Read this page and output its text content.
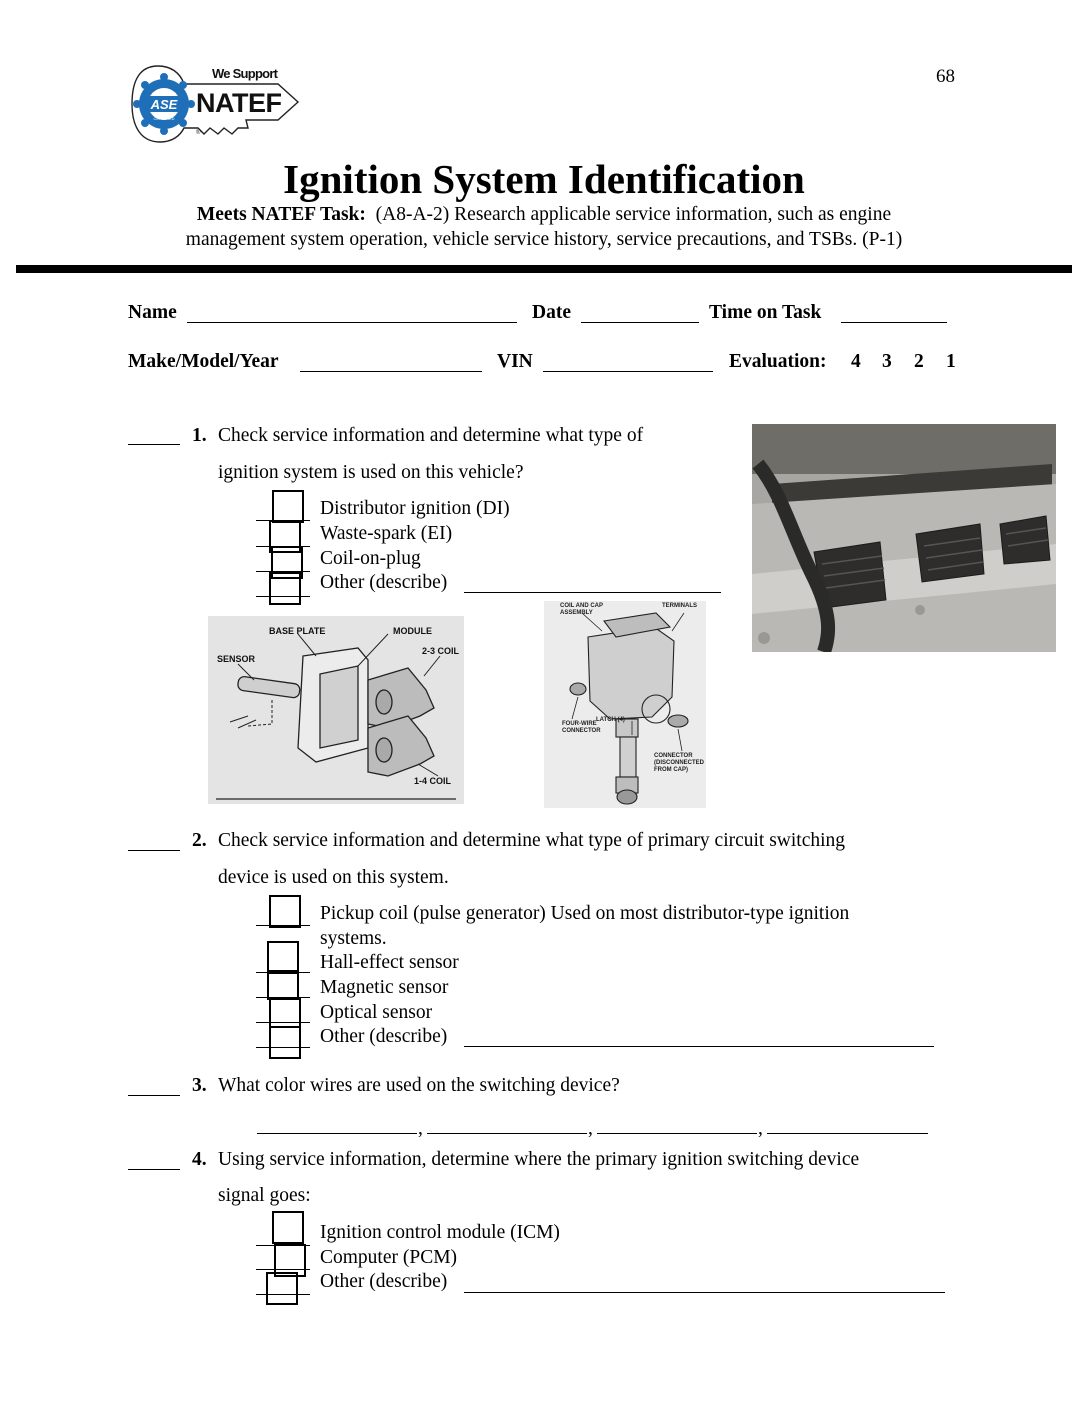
68
ASE
CERTIFIED
We Support
NATEF
®
Ignition System Identification
Meets NATEF Task: (A8-A-2) Research applicable service information, such as engine
management system operation, vehicle service history, service precautions, and TSBs. (P-1)
Name	Date	Time on Task
Make/Model/Year	VIN	Evaluation: 4 3 2 1
1. Check service information and determine what type of
ignition system is used on this vehicle?
Distributor ignition (DI)
Waste-spark (EI)
Coil-on-plug
Other (describe)
BASE PLATE	MODULE
SENSOR
2-3 COIL
1-4 COIL
COIL AND CAP ASSEMBLY
TERMINALS
FOUR-WIRE CONNECTOR
LATCH (4)
CONNECTOR (DISCONNECTED FROM CAP)
2. Check service information and determine what type of primary circuit switching
device is used on this system.
Pickup coil (pulse generator) Used on most distributor-type ignition
systems.
Hall-effect sensor
Magnetic sensor
Optical sensor
Other (describe)
3. What color wires are used on the switching device?
,	,	,
4. Using service information, determine where the primary ignition switching device
signal goes:
Ignition control module (ICM)
Computer (PCM)
Other (describe)
